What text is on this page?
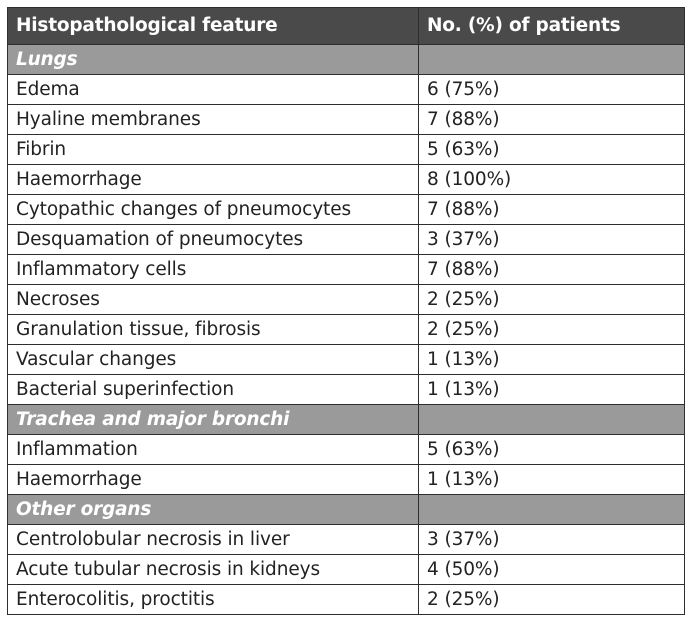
Histopathological feature	No. (%) of patients
Lungs	
Edema	6 (75%)
Hyaline membranes	7 (88%)
Fibrin	5 (63%)
Haemorrhage	8 (100%)
Cytopathic changes of pneumocytes	7 (88%)
Desquamation of pneumocytes	3 (37%)
Inflammatory cells	7 (88%)
Necroses	2 (25%)
Granulation tissue, fibrosis	2 (25%)
Vascular changes	1 (13%)
Bacterial superinfection	1 (13%)
Trachea and major bronchi	
Inflammation	5 (63%)
Haemorrhage	1 (13%)
Other organs	
Centrolobular necrosis in liver	3 (37%)
Acute tubular necrosis in kidneys	4 (50%)
Enterocolitis, proctitis	2 (25%)
